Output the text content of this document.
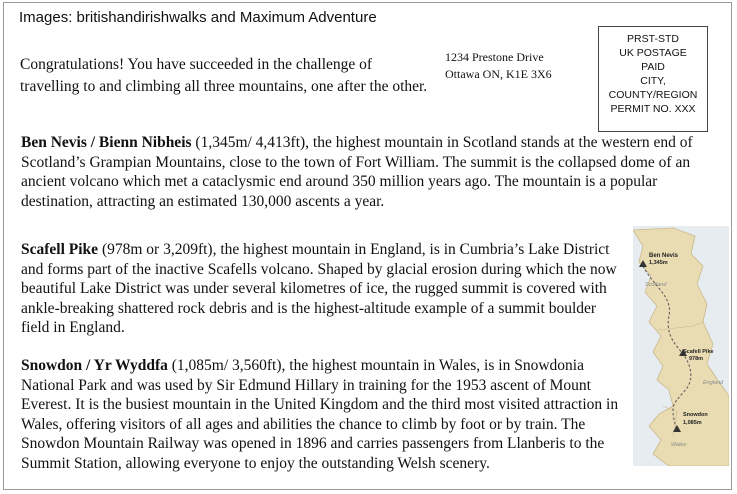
Images: britishandirishwalks and Maximum Adventure
Congratulations! You have succeeded in the challenge of travelling to and climbing all three mountains, one after the other.
1234 Prestone Drive
Ottawa ON, K1E 3X6
PRST-STD
UK POSTAGE
PAID
CITY,
COUNTY/REGION
PERMIT NO. XXX
Ben Nevis / Bienn Nibheis (1,345m/ 4,413ft), the highest mountain in Scotland stands at the western end of Scotland’s Grampian Mountains, close to the town of Fort William. The summit is the collapsed dome of an ancient volcano which met a cataclysmic end around 350 million years ago. The mountain is a popular destination, attracting an estimated 130,000 ascents a year.
Scafell Pike (978m or 3,209ft), the highest mountain in England, is in Cumbria’s Lake District and forms part of the inactive Scafells volcano. Shaped by glacial erosion during which the now beautiful Lake District was under several kilometres of ice, the rugged summit is covered with ankle-breaking shattered rock debris and is the highest-altitude example of a summit boulder field in England.
Snowdon / Yr Wyddfa (1,085m/ 3,560ft), the highest mountain in Wales, is in Snowdonia National Park and was used by Sir Edmund Hillary in training for the 1953 ascent of Mount Everest. It is the busiest mountain in the United Kingdom and the third most visited attraction in Wales, offering visitors of all ages and abilities the chance to climb by foot or by train. The Snowdon Mountain Railway was opened in 1896 and carries passengers from Llanberis to the Summit Station, allowing everyone to enjoy the outstanding Welsh scenery.
Ben Nevis
1,345m
Scotland
Scafell Pike
978m
England
Snowdon
1,085m
Wales
